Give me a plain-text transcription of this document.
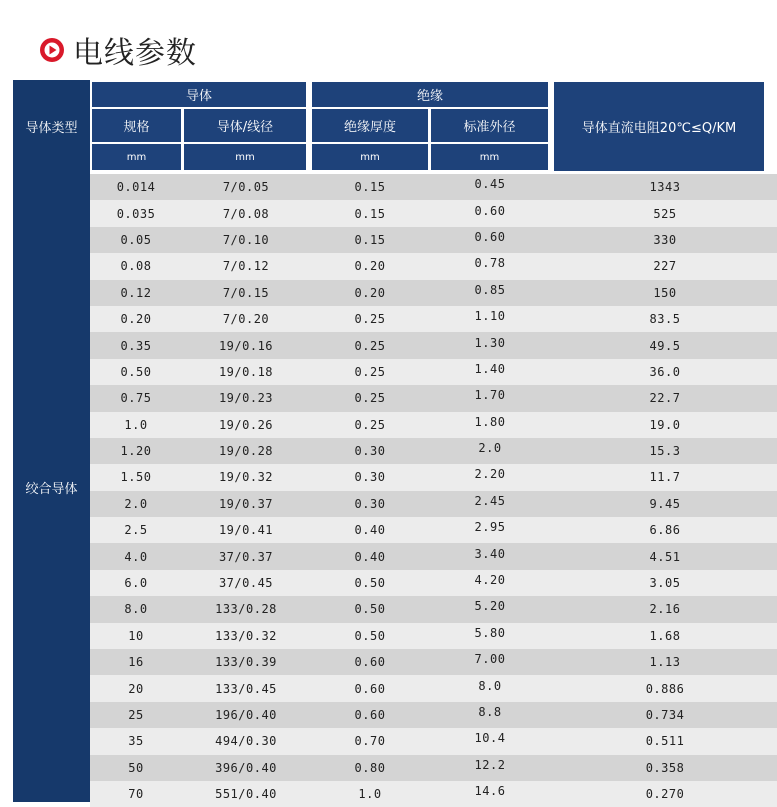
电线参数
导体类型
导体	绝缘
导体直流电阻20℃≤Q/KM
规格	导体/线径	绝缘厚度	标准外径
mm	mm	mm	mm
绞合导体
0.014	7/0.05	0.15	0.45	1343
0.035	7/0.08	0.15	0.60	525
0.05	7/0.10	0.15	0.60	330
0.08	7/0.12	0.20	0.78	227
0.12	7/0.15	0.20	0.85	150
0.20	7/0.20	0.25	1.10	83.5
0.35	19/0.16	0.25	1.30	49.5
0.50	19/0.18	0.25	1.40	36.0
0.75	19/0.23	0.25	1.70	22.7
1.0	19/0.26	0.25	1.80	19.0
1.20	19/0.28	0.30	2.0	15.3
1.50	19/0.32	0.30	2.20	11.7
2.0	19/0.37	0.30	2.45	9.45
2.5	19/0.41	0.40	2.95	6.86
4.0	37/0.37	0.40	3.40	4.51
6.0	37/0.45	0.50	4.20	3.05
8.0	133/0.28	0.50	5.20	2.16
10	133/0.32	0.50	5.80	1.68
16	133/0.39	0.60	7.00	1.13
20	133/0.45	0.60	8.0	0.886
25	196/0.40	0.60	8.8	0.734
35	494/0.30	0.70	10.4	0.511
50	396/0.40	0.80	12.2	0.358
70	551/0.40	1.0	14.6	0.270
